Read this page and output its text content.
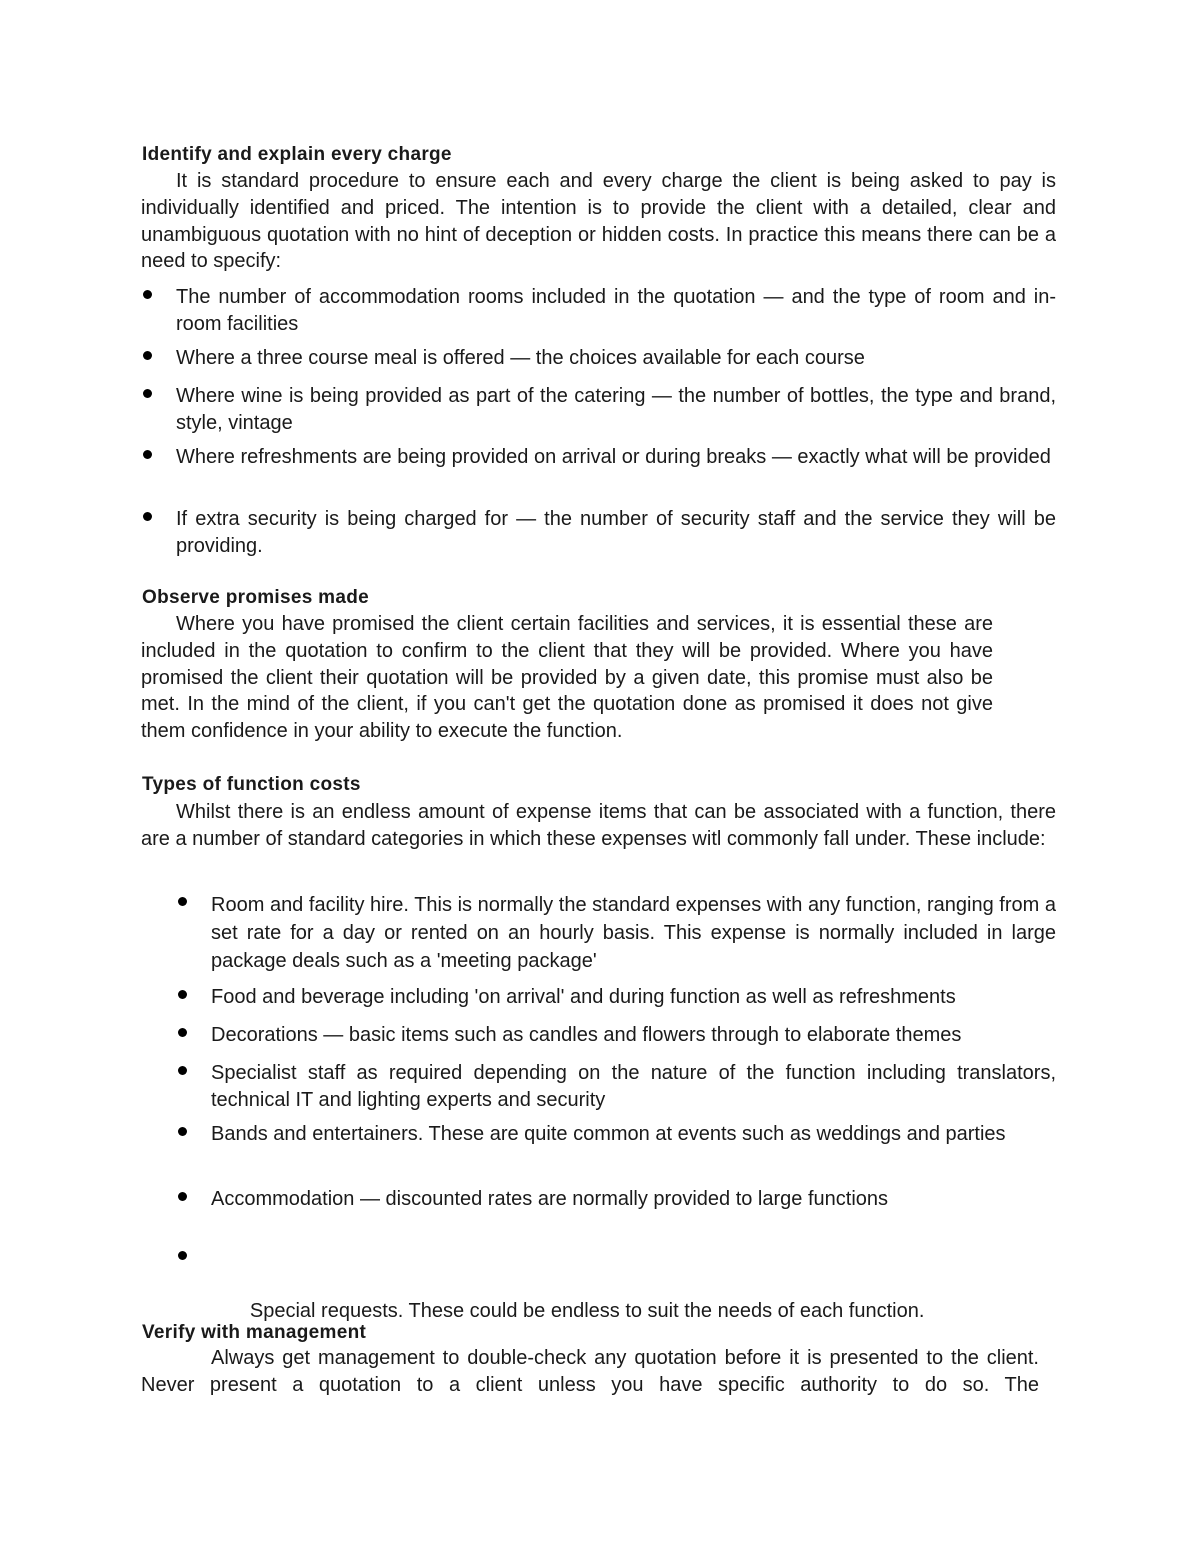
Identify and explain every charge

It is standard procedure to ensure each and every charge the client is being asked to pay is individually identified and priced. The intention is to provide the client with a detailed, clear and unambiguous quotation with no hint of deception or hidden costs. In practice this means there can be a need to specify:

The number of accommodation rooms included in the quotation — and the type of room and in-room facilities
Where a three course meal is offered — the choices available for each course
Where wine is being provided as part of the catering — the number of bottles, the type and brand, style, vintage
Where refreshments are being provided on arrival or during breaks — exactly what will be provided
If extra security is being charged for — the number of security staff and the service they will be providing.
Observe promises made

Where you have promised the client certain facilities and services, it is essential these are included in the quotation to confirm to the client that they will be provided. Where you have promised the client their quotation will be provided by a given date, this promise must also be met. In the mind of the client, if you can't get the quotation done as promised it does not give them confidence in your ability to execute the function.

Types of function costs

Whilst there is an endless amount of expense items that can be associated with a function, there are a number of standard categories in which these expenses witl commonly fall under. These include:

Room and facility hire. This is normally the standard expenses with any function, ranging from a set rate for a day or rented on an hourly basis. This expense is normally included in large package deals such as a 'meeting package'
Food and beverage including 'on arrival' and during function as well as refreshments
Decorations — basic items such as candles and flowers through to elaborate themes
Specialist staff as required depending on the nature of the function including translators, technical IT and lighting experts and security
Bands and entertainers. These are quite common at events such as weddings and parties
Accommodation — discounted rates are normally provided to large functions

Special requests. These could be endless to suit the needs of each function.

Verify with management

Always get management to double-check any quotation before it is presented to the client. Never present a quotation to a client unless you have specific authority to do so. The
